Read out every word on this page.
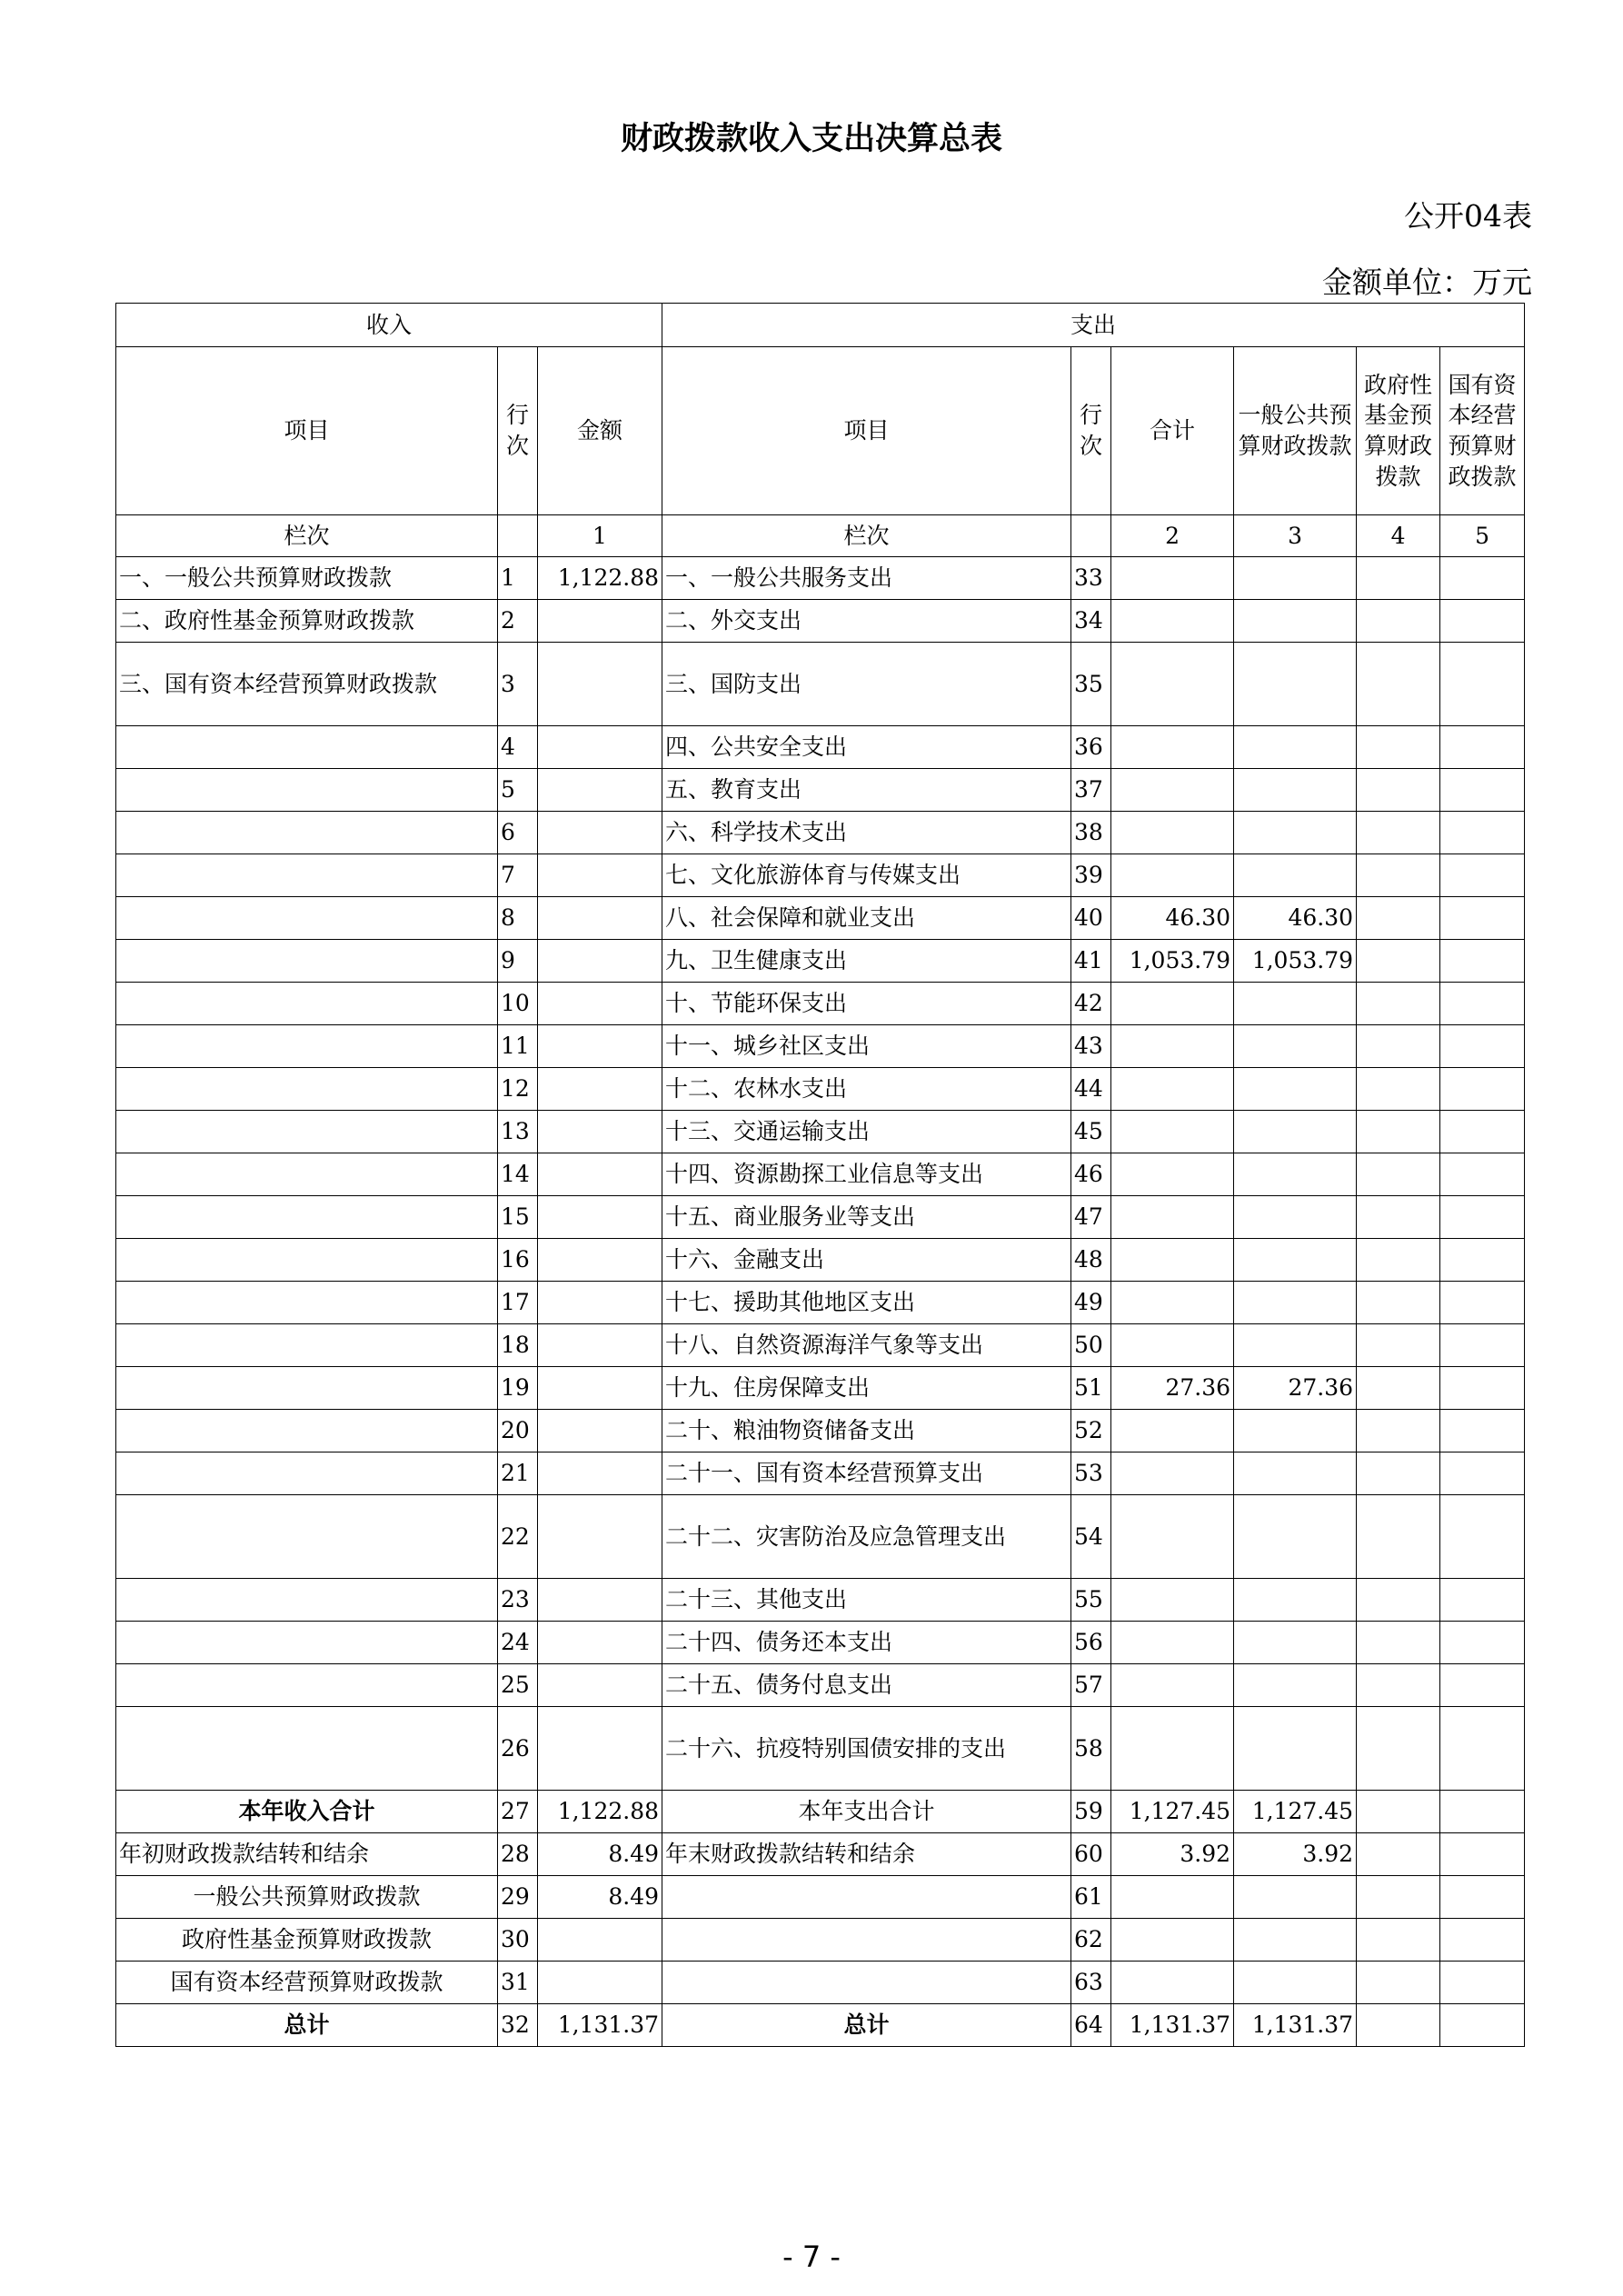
财政拨款收入支出决算总表
公开04表
金额单位：万元
收入			支出					
项目	行次	金额	项目	行次	合计	一般公共预算财政拨款	政府性基金预算财政拨款	国有资本经营预算财政拨款
栏次		1	栏次		2	3	4	5
一、一般公共预算财政拨款	1	1,122.88	一、一般公共服务支出	33				
二、政府性基金预算财政拨款	2		二、外交支出	34				
三、国有资本经营预算财政拨款	3		三、国防支出	35				
	4		四、公共安全支出	36				
	5		五、教育支出	37				
	6		六、科学技术支出	38				
	7		七、文化旅游体育与传媒支出	39				
	8		八、社会保障和就业支出	40	46.30	46.30		
	9		九、卫生健康支出	41	1,053.79	1,053.79		
	10		十、节能环保支出	42				
	11		十一、城乡社区支出	43				
	12		十二、农林水支出	44				
	13		十三、交通运输支出	45				
	14		十四、资源勘探工业信息等支出	46				
	15		十五、商业服务业等支出	47				
	16		十六、金融支出	48				
	17		十七、援助其他地区支出	49				
	18		十八、自然资源海洋气象等支出	50				
	19		十九、住房保障支出	51	27.36	27.36		
	20		二十、粮油物资储备支出	52				
	21		二十一、国有资本经营预算支出	53				
	22		二十二、灾害防治及应急管理支出	54				
	23		二十三、其他支出	55				
	24		二十四、债务还本支出	56				
	25		二十五、债务付息支出	57				
	26		二十六、抗疫特别国债安排的支出	58				
本年收入合计	27	1,122.88	本年支出合计	59	1,127.45	1,127.45		
年初财政拨款结转和结余	28	8.49	年末财政拨款结转和结余	60	3.92	3.92		
一般公共预算财政拨款	29	8.49		61				
政府性基金预算财政拨款	30			62				
国有资本经营预算财政拨款	31			63				
总计	32	1,131.37	总计	64	1,131.37	1,131.37		
- 7 -
